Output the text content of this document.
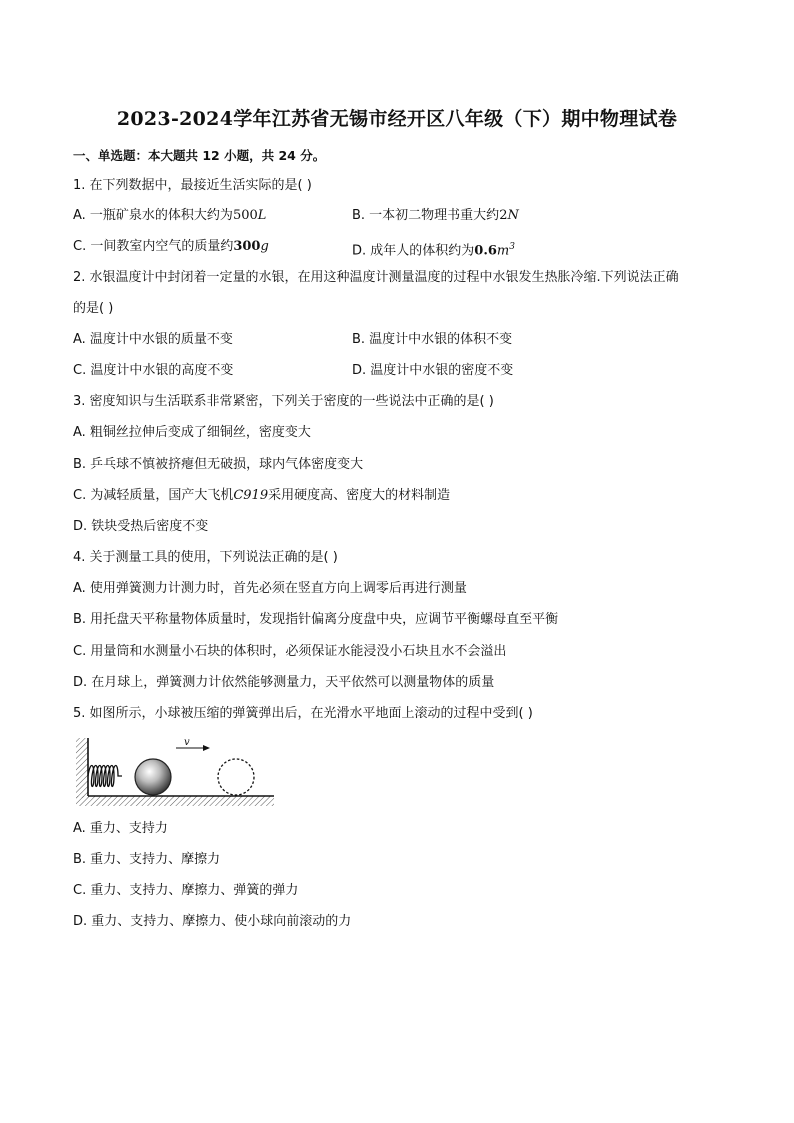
2023-2024学年江苏省无锡市经开区八年级（下）期中物理试卷
一、单选题：本大题共 12 小题，共 24 分。
1. 在下列数据中，最接近生活实际的是( )
A. 一瓶矿泉水的体积大约为500L	B. 一本初二物理书重大约2N
C. 一间教室内空气的质量约300g	D. 成年人的体积约为$0.6m^3$
2. 水银温度计中封闭着一定量的水银，在用这种温度计测量温度的过程中水银发生热胀冷缩.下列说法正确
的是( )
A. 温度计中水银的质量不变	B. 温度计中水银的体积不变
C. 温度计中水银的高度不变	D. 温度计中水银的密度不变
3. 密度知识与生活联系非常紧密，下列关于密度的一些说法中正确的是( )
A. 粗铜丝拉伸后变成了细铜丝，密度变大
B. 乒乓球不慎被挤瘪但无破损，球内气体密度变大
C. 为减轻质量，国产大飞机C919采用硬度高、密度大的材料制造
D. 铁块受热后密度不变
4. 关于测量工具的使用，下列说法正确的是( )
A. 使用弹簧测力计测力时，首先必须在竖直方向上调零后再进行测量
B. 用托盘天平称量物体质量时，发现指针偏离分度盘中央，应调节平衡螺母直至平衡
C. 用量筒和水测量小石块的体积时，必须保证水能浸没小石块且水不会溢出
D. 在月球上，弹簧测力计依然能够测量力，天平依然可以测量物体的质量
5. 如图所示，小球被压缩的弹簧弹出后，在光滑水平地面上滚动的过程中受到( )
v
A. 重力、支持力
B. 重力、支持力、摩擦力
C. 重力、支持力、摩擦力、弹簧的弹力
D. 重力、支持力、摩擦力、使小球向前滚动的力
